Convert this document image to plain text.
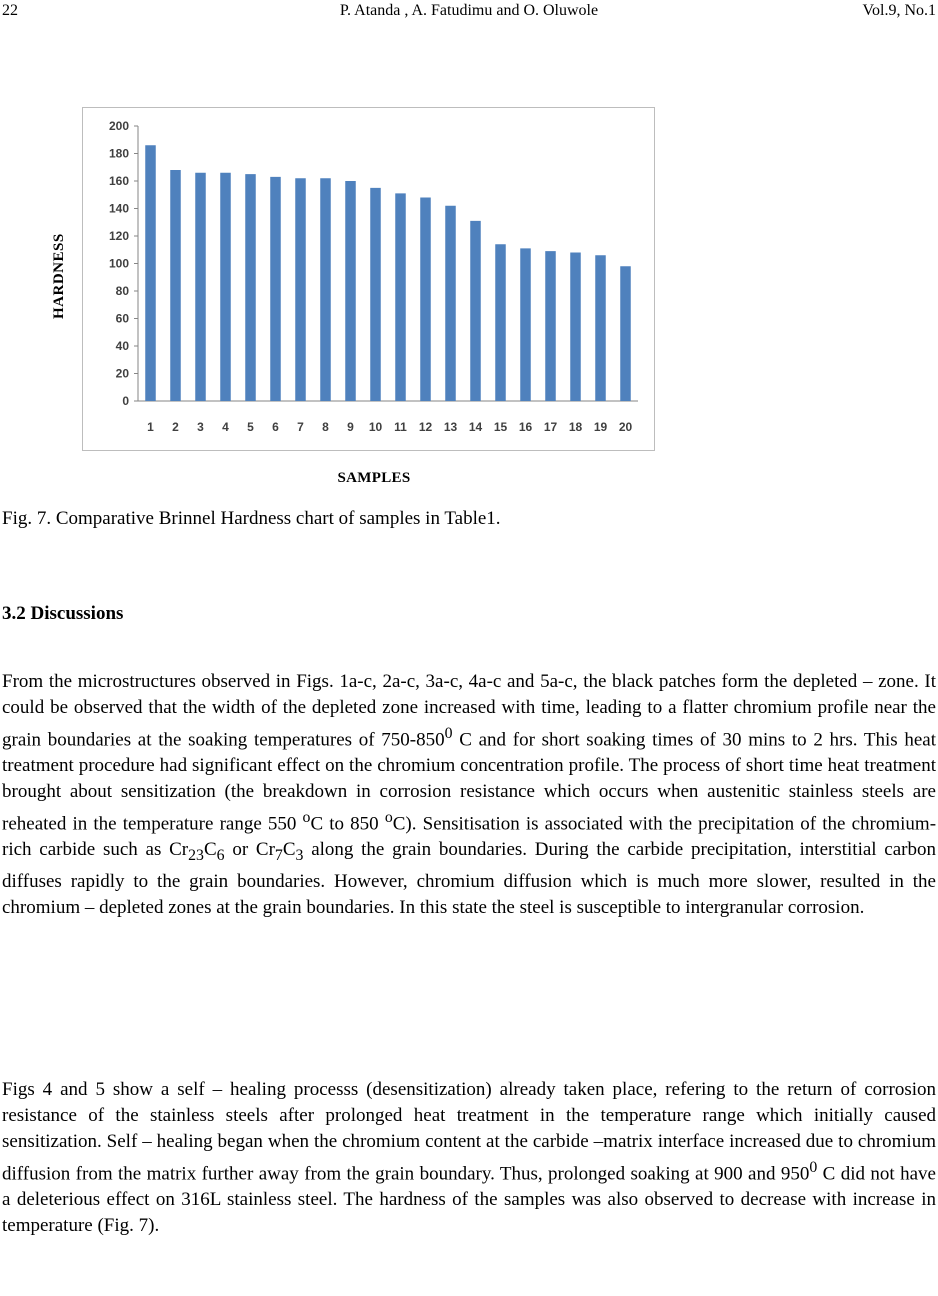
22	P. Atanda , A. Fatudimu and O. Oluwole	Vol.9, No.1
0
20
40
60
80
100
120
140
160
180
200
1 2 3 4 5 6 7 8 9 10 11 12 13 14 15 16 17 18 19 20
HARDNESS
SAMPLES
Fig. 7. Comparative Brinnel Hardness chart of samples in Table1.
3.2 Discussions

From the microstructures observed in Figs. 1a-c, 2a-c, 3a-c, 4a-c and 5a-c, the black patches form the depleted – zone. It could be observed that the width of the depleted zone increased with time, leading to a flatter chromium profile near the grain boundaries at the soaking temperatures of $750-850^0$ C and for short soaking times of 30 mins to 2 hrs. This heat treatment procedure had significant effect on the chromium concentration profile. The process of short time heat treatment brought about sensitization (the breakdown in corrosion resistance which occurs when austenitic stainless steels are reheated in the temperature range 550 $^o$C to 850 $^o$C). Sensitisation is associated with the precipitation of the chromium- rich carbide such as $Cr_{23}C_6$ or $Cr_7C_3$ along the grain boundaries. During the carbide precipitation, interstitial carbon diffuses rapidly to the grain boundaries. However, chromium diffusion which is much more slower, resulted in the chromium – depleted zones at the grain boundaries. In this state the steel is susceptible to intergranular corrosion.

Figs 4 and 5 show a self – healing processs (desensitization) already taken place, refering to the return of corrosion resistance of the stainless steels after prolonged heat treatment in the temperature range which initially caused sensitization. Self – healing began when the chromium content at the carbide –matrix interface increased due to chromium diffusion from the matrix further away from the grain boundary. Thus, prolonged soaking at 900 and $950^0$ C did not have a deleterious effect on 316L stainless steel. The hardness of the samples was also observed to decrease with increase in temperature (Fig. 7).
